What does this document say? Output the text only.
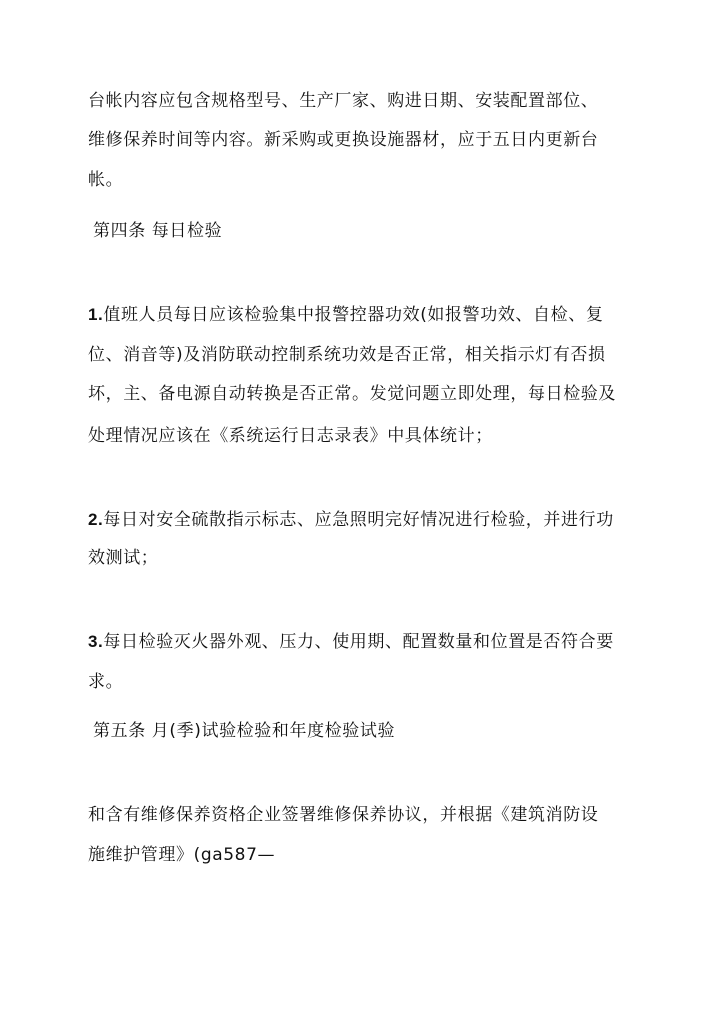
台帐内容应包含规格型号、生产厂家、购进日期、安装配置部位、
维修保养时间等内容。新采购或更换设施器材，应于五日内更新台
帐。
第四条 每日检验
1.值班人员每日应该检验集中报警控器功效(如报警功效、自检、复
位、消音等)及消防联动控制系统功效是否正常，相关指示灯有否损
坏，主、备电源自动转换是否正常。发觉问题立即处理，每日检验及
处理情况应该在《系统运行日志录表》中具体统计；
2.每日对安全硫散指示标志、应急照明完好情况进行检验，并进行功
效测试；
3.每日检验灭火器外观、压力、使用期、配置数量和位置是否符合要
求。
第五条 月(季)试验检验和年度检验试验
和含有维修保养资格企业签署维修保养协议，并根据《建筑消防设
施维护管理》(ga587—
